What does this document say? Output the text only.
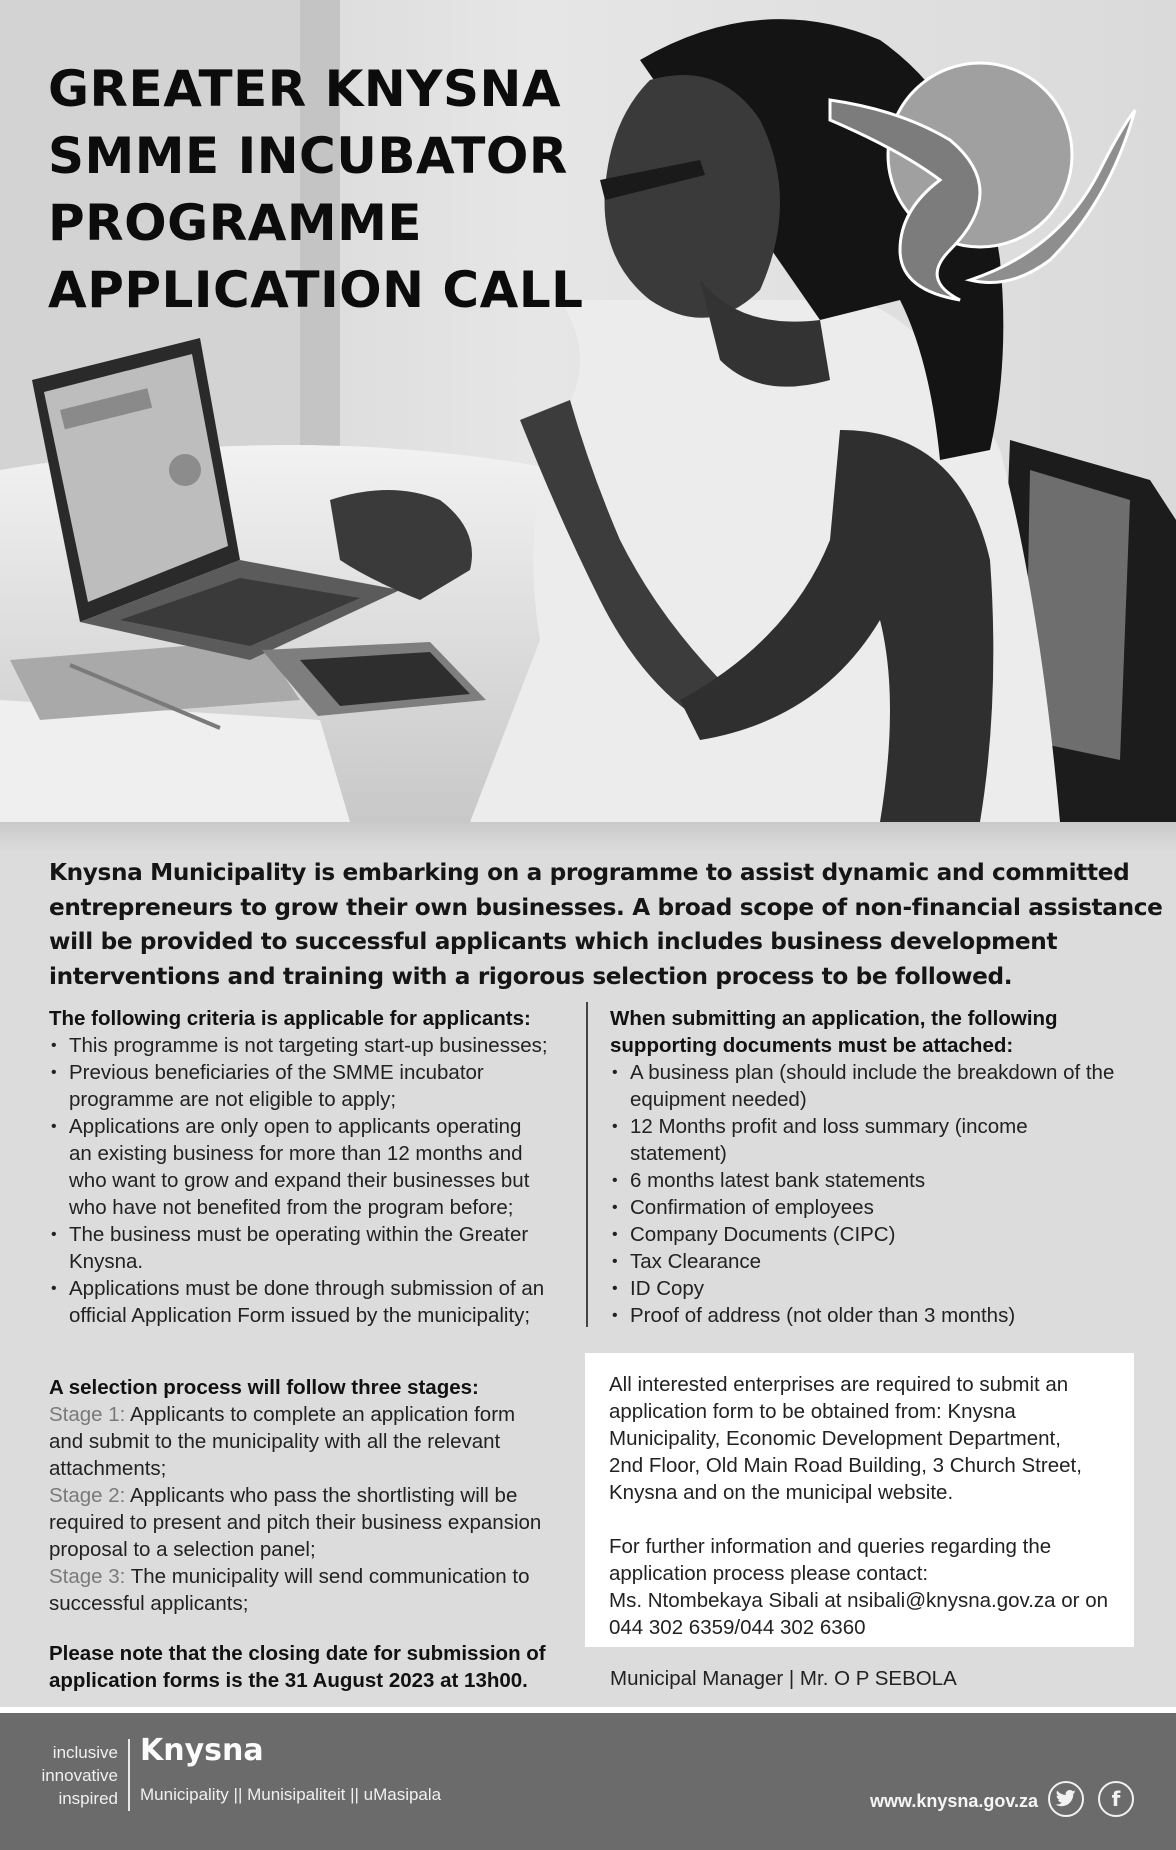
GREATER KNYSNA
SMME INCUBATOR
PROGRAMME
APPLICATION CALL
Knysna Municipality is embarking on a programme to assist dynamic and committed
entrepreneurs to grow their own businesses. A broad scope of non-financial assistance
will be provided to successful applicants which includes business development
interventions and training with a rigorous selection process to be followed.
The following criteria is applicable for applicants:
• This programme is not targeting start-up businesses;
• Previous beneficiaries of the SMME incubator
programme are not eligible to apply;
• Applications are only open to applicants operating
an existing business for more than 12 months and
who want to grow and expand their businesses but
who have not benefited from the program before;
• The business must be operating within the Greater
Knysna.
• Applications must be done through submission of an
official Application Form issued by the municipality;
When submitting an application, the following
supporting documents must be attached:
• A business plan (should include the breakdown of the
equipment needed)
• 12 Months profit and loss summary (income
statement)
• 6 months latest bank statements
• Confirmation of employees
• Company Documents (CIPC)
• Tax Clearance
• ID Copy
• Proof of address (not older than 3 months)
A selection process will follow three stages:
Stage 1: Applicants to complete an application form
and submit to the municipality with all the relevant
attachments;
Stage 2: Applicants who pass the shortlisting will be
required to present and pitch their business expansion
proposal to a selection panel;
Stage 3: The municipality will send communication to
successful applicants;
All interested enterprises are required to submit an
application form to be obtained from: Knysna
Municipality, Economic Development Department,
2nd Floor, Old Main Road Building, 3 Church Street,
Knysna and on the municipal website.
For further information and queries regarding the
application process please contact:
Ms. Ntombekaya Sibali at nsibali@knysna.gov.za or on
044 302 6359/044 302 6360
Please note that the closing date for submission of
application forms is the 31 August 2023 at 13h00.	Municipal Manager | Mr. O P SEBOLA
inclusive
innovative
inspired
Knysna
Municipality || Munisipaliteit || uMasipala	www.knysna.gov.za	f
